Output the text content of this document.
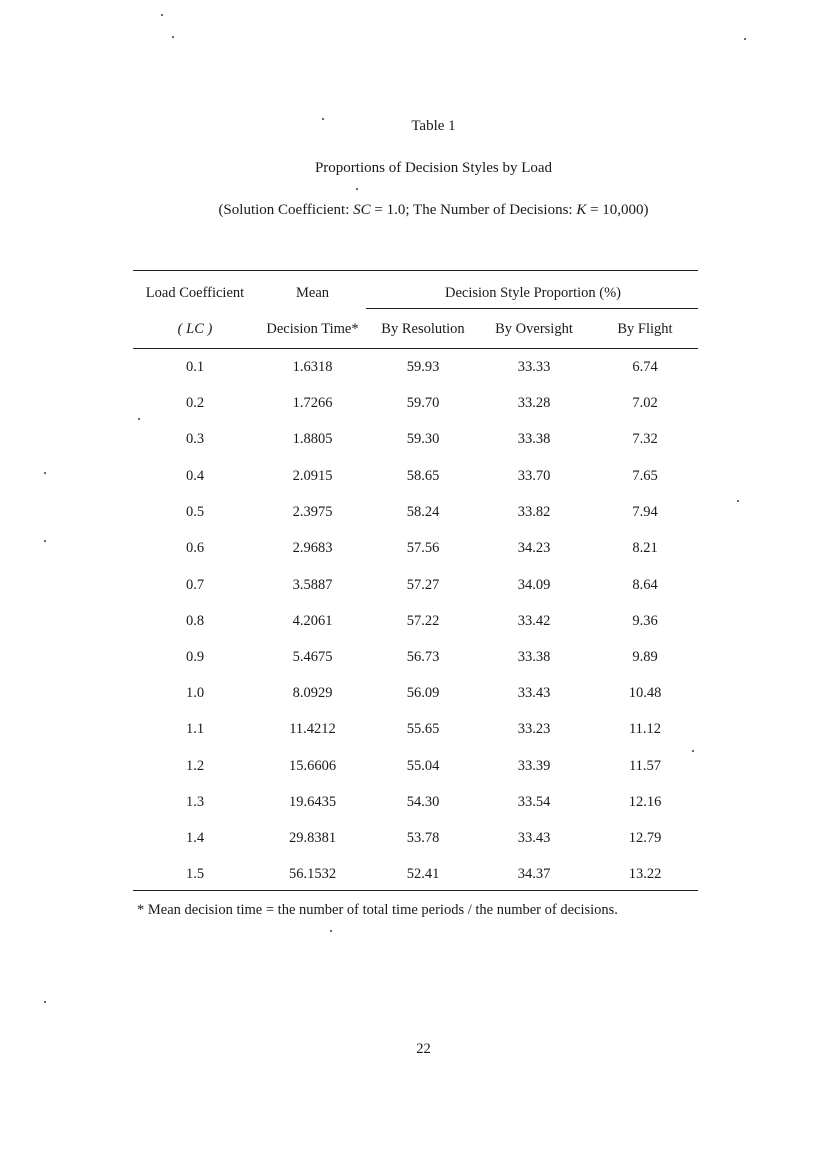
Table 1
Proportions of Decision Styles by Load
(Solution Coefficient: SC = 1.0; The Number of Decisions: K = 10,000)
Load Coefficient	Mean	Decision Style Proportion (%)
( LC )	Decision Time*	By Resolution	By Oversight	By Flight
0.1	1.6318	59.93	33.33	6.74
0.2	1.7266	59.70	33.28	7.02
0.3	1.8805	59.30	33.38	7.32
0.4	2.0915	58.65	33.70	7.65
0.5	2.3975	58.24	33.82	7.94
0.6	2.9683	57.56	34.23	8.21
0.7	3.5887	57.27	34.09	8.64
0.8	4.2061	57.22	33.42	9.36
0.9	5.4675	56.73	33.38	9.89
1.0	8.0929	56.09	33.43	10.48
1.1	11.4212	55.65	33.23	11.12
1.2	15.6606	55.04	33.39	11.57
1.3	19.6435	54.30	33.54	12.16
1.4	29.8381	53.78	33.43	12.79
1.5	56.1532	52.41	34.37	13.22
* Mean decision time = the number of total time periods / the number of decisions.
22
